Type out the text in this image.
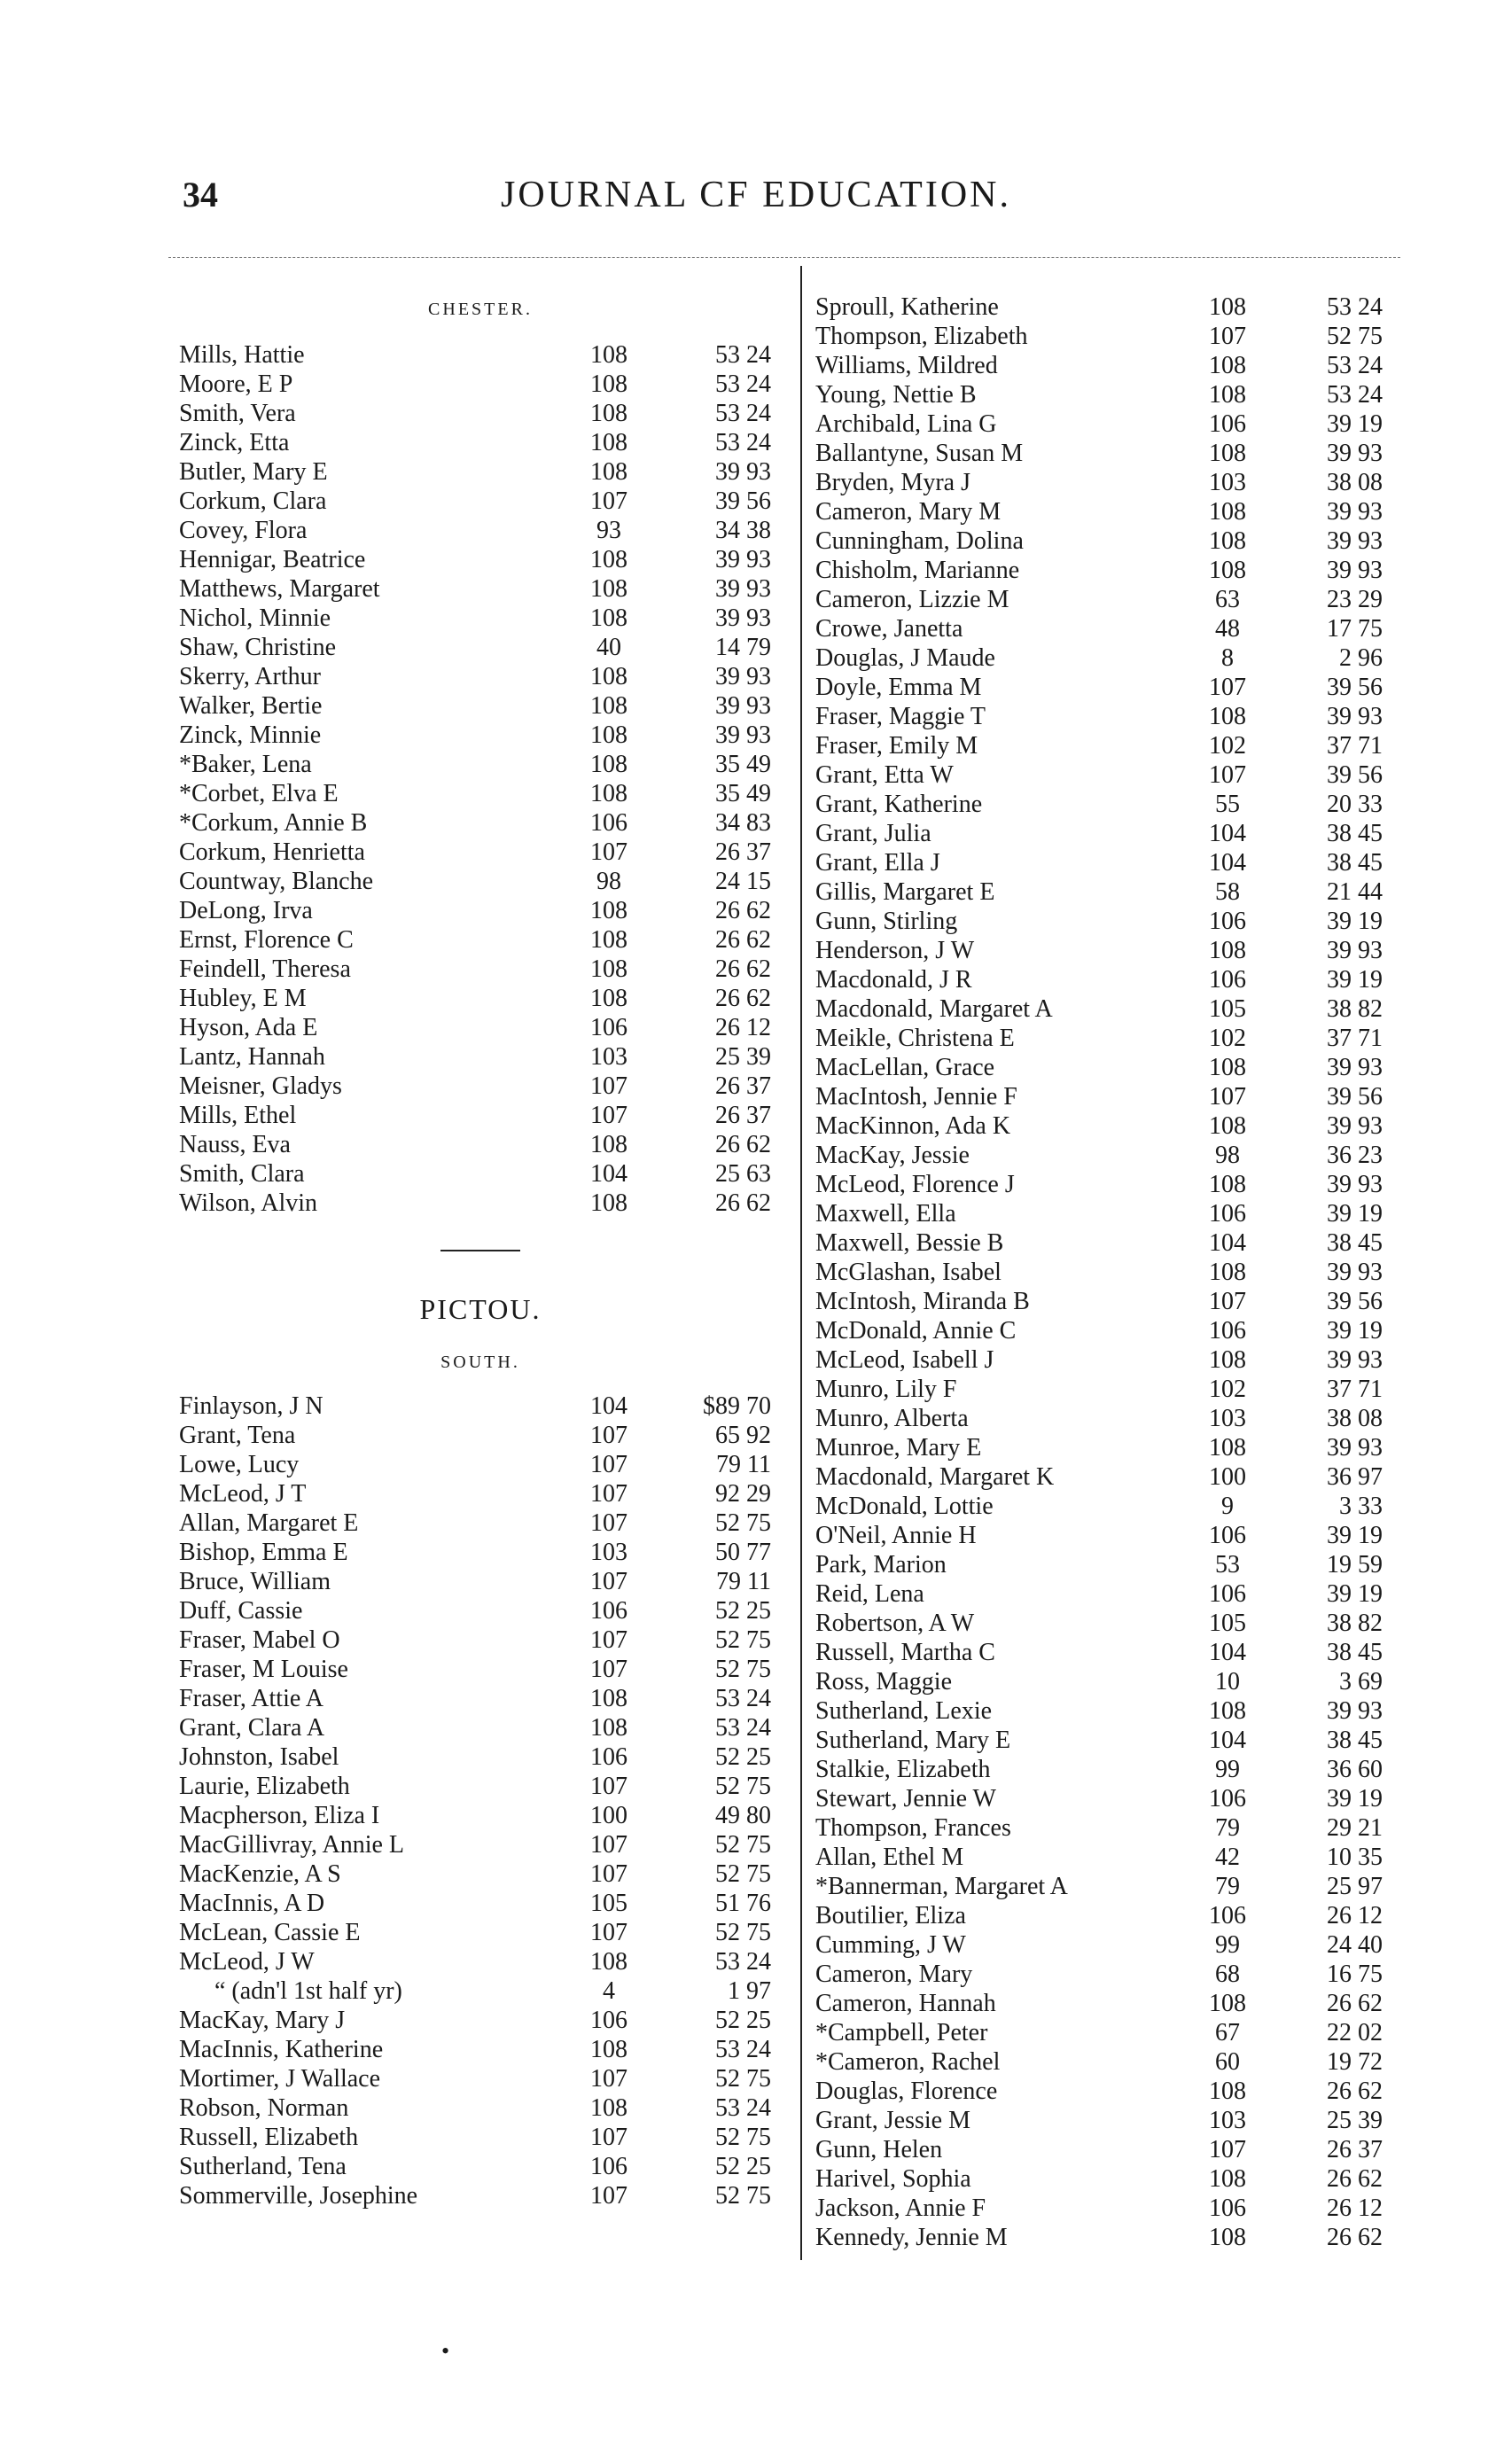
34	JOURNAL CF EDUCATION.
CHESTER.
Mills, Hattie	108	53 24
Moore, E P	108	53 24
Smith, Vera	108	53 24
Zinck, Etta	108	53 24
Butler, Mary E	108	39 93
Corkum, Clara	107	39 56
Covey, Flora	93	34 38
Hennigar, Beatrice	108	39 93
Matthews, Margaret	108	39 93
Nichol, Minnie	108	39 93
Shaw, Christine	40	14 79
Skerry, Arthur	108	39 93
Walker, Bertie	108	39 93
Zinck, Minnie	108	39 93
*Baker, Lena	108	35 49
*Corbet, Elva E	108	35 49
*Corkum, Annie B	106	34 83
Corkum, Henrietta	107	26 37
Countway, Blanche	98	24 15
DeLong, Irva	108	26 62
Ernst, Florence C	108	26 62
Feindell, Theresa	108	26 62
Hubley, E M	108	26 62
Hyson, Ada E	106	26 12
Lantz, Hannah	103	25 39
Meisner, Gladys	107	26 37
Mills, Ethel	107	26 37
Nauss, Eva	108	26 62
Smith, Clara	104	25 63
Wilson, Alvin	108	26 62
PICTOU.
SOUTH.
Finlayson, J N	104	$89 70
Grant, Tena	107	65 92
Lowe, Lucy	107	79 11
McLeod, J T	107	92 29
Allan, Margaret E	107	52 75
Bishop, Emma E	103	50 77
Bruce, William	107	79 11
Duff, Cassie	106	52 25
Fraser, Mabel O	107	52 75
Fraser, M Louise	107	52 75
Fraser, Attie A	108	53 24
Grant, Clara A	108	53 24
Johnston, Isabel	106	52 25
Laurie, Elizabeth	107	52 75
Macpherson, Eliza I	100	49 80
MacGillivray, Annie L	107	52 75
MacKenzie, A S	107	52 75
MacInnis, A D	105	51 76
McLean, Cassie E	107	52 75
McLeod, J W	108	53 24
“ (adn'l 1st half yr)	4	1 97
MacKay, Mary J	106	52 25
MacInnis, Katherine	108	53 24
Mortimer, J Wallace	107	52 75
Robson, Norman	108	53 24
Russell, Elizabeth	107	52 75
Sutherland, Tena	106	52 25
Sommerville, Josephine	107	52 75
Sproull, Katherine	108	53 24
Thompson, Elizabeth	107	52 75
Williams, Mildred	108	53 24
Young, Nettie B	108	53 24
Archibald, Lina G	106	39 19
Ballantyne, Susan M	108	39 93
Bryden, Myra J	103	38 08
Cameron, Mary M	108	39 93
Cunningham, Dolina	108	39 93
Chisholm, Marianne	108	39 93
Cameron, Lizzie M	63	23 29
Crowe, Janetta	48	17 75
Douglas, J Maude	8	2 96
Doyle, Emma M	107	39 56
Fraser, Maggie T	108	39 93
Fraser, Emily M	102	37 71
Grant, Etta W	107	39 56
Grant, Katherine	55	20 33
Grant, Julia	104	38 45
Grant, Ella J	104	38 45
Gillis, Margaret E	58	21 44
Gunn, Stirling	106	39 19
Henderson, J W	108	39 93
Macdonald, J R	106	39 19
Macdonald, Margaret A	105	38 82
Meikle, Christena E	102	37 71
MacLellan, Grace	108	39 93
MacIntosh, Jennie F	107	39 56
MacKinnon, Ada K	108	39 93
MacKay, Jessie	98	36 23
McLeod, Florence J	108	39 93
Maxwell, Ella	106	39 19
Maxwell, Bessie B	104	38 45
McGlashan, Isabel	108	39 93
McIntosh, Miranda B	107	39 56
McDonald, Annie C	106	39 19
McLeod, Isabell J	108	39 93
Munro, Lily F	102	37 71
Munro, Alberta	103	38 08
Munroe, Mary E	108	39 93
Macdonald, Margaret K	100	36 97
McDonald, Lottie	9	3 33
O'Neil, Annie H	106	39 19
Park, Marion	53	19 59
Reid, Lena	106	39 19
Robertson, A W	105	38 82
Russell, Martha C	104	38 45
Ross, Maggie	10	3 69
Sutherland, Lexie	108	39 93
Sutherland, Mary E	104	38 45
Stalkie, Elizabeth	99	36 60
Stewart, Jennie W	106	39 19
Thompson, Frances	79	29 21
Allan, Ethel M	42	10 35
*Bannerman, Margaret A	79	25 97
Boutilier, Eliza	106	26 12
Cumming, J W	99	24 40
Cameron, Mary	68	16 75
Cameron, Hannah	108	26 62
*Campbell, Peter	67	22 02
*Cameron, Rachel	60	19 72
Douglas, Florence	108	26 62
Grant, Jessie M	103	25 39
Gunn, Helen	107	26 37
Harivel, Sophia	108	26 62
Jackson, Annie F	106	26 12
Kennedy, Jennie M	108	26 62
•
